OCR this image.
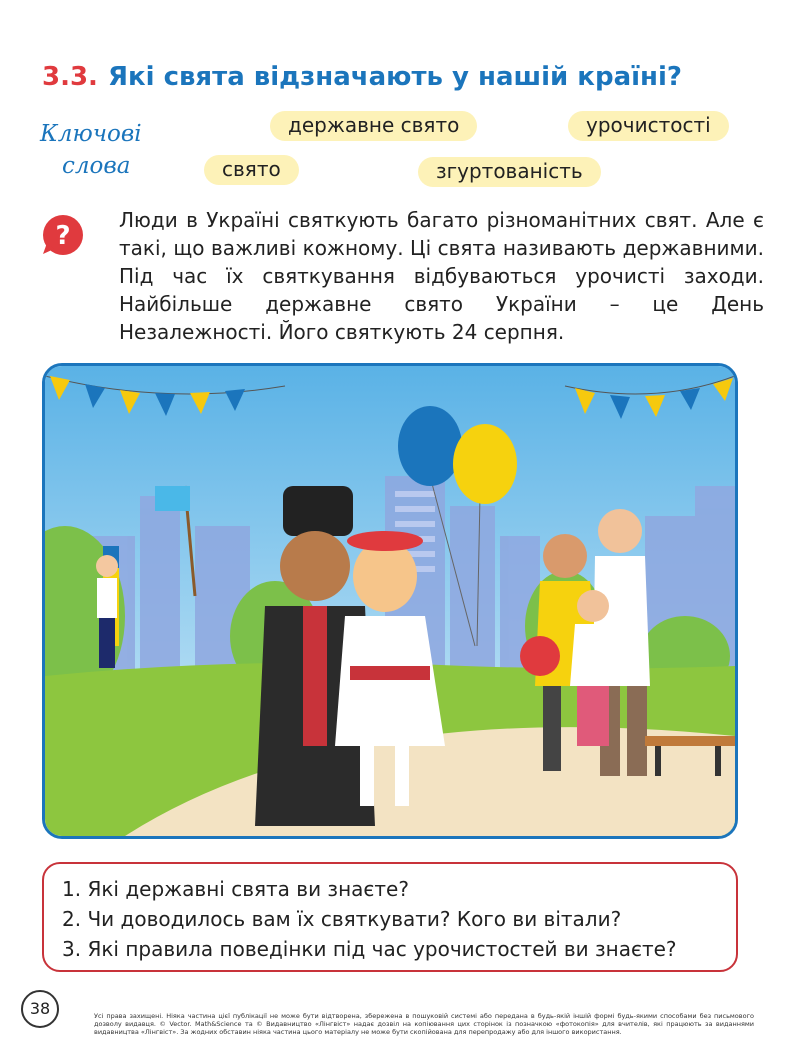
3.3. Які свята відзначають у нашій країні?
Ключові
слова
державне свято	урочистості
свято	згуртованість
?
Люди в Україні святкують багато різноманітних свят. Але є такі, що важливі кожному. Ці свята називають державними. Під час їх святкування відбуваються урочисті заходи. Найбільше державне свято України – це День Незалежності. Його святкують 24 серпня.
1. Які державні свята ви знаєте?
2. Чи доводилось вам їх святкувати? Кого ви вітали?
3. Які правила поведінки під час урочистостей ви знаєте?
38	Усі права захищені. Ніяка частина цієї публікації не може бути відтворена, збережена в пошуковій системі або передана в будь-якій іншій формі будь-якими способами без письмового дозволу видавця. © Vector. Math&Science та © Видавництво «Лінгвіст» надає дозвіл на копіювання цих сторінок із позначкою «фотокопія» для вчителів, які працюють за виданнями видавництва «Лінгвіст». За жодних обставин ніяка частина цього матеріалу не може бути скопійована для перепродажу або для іншого використання.
